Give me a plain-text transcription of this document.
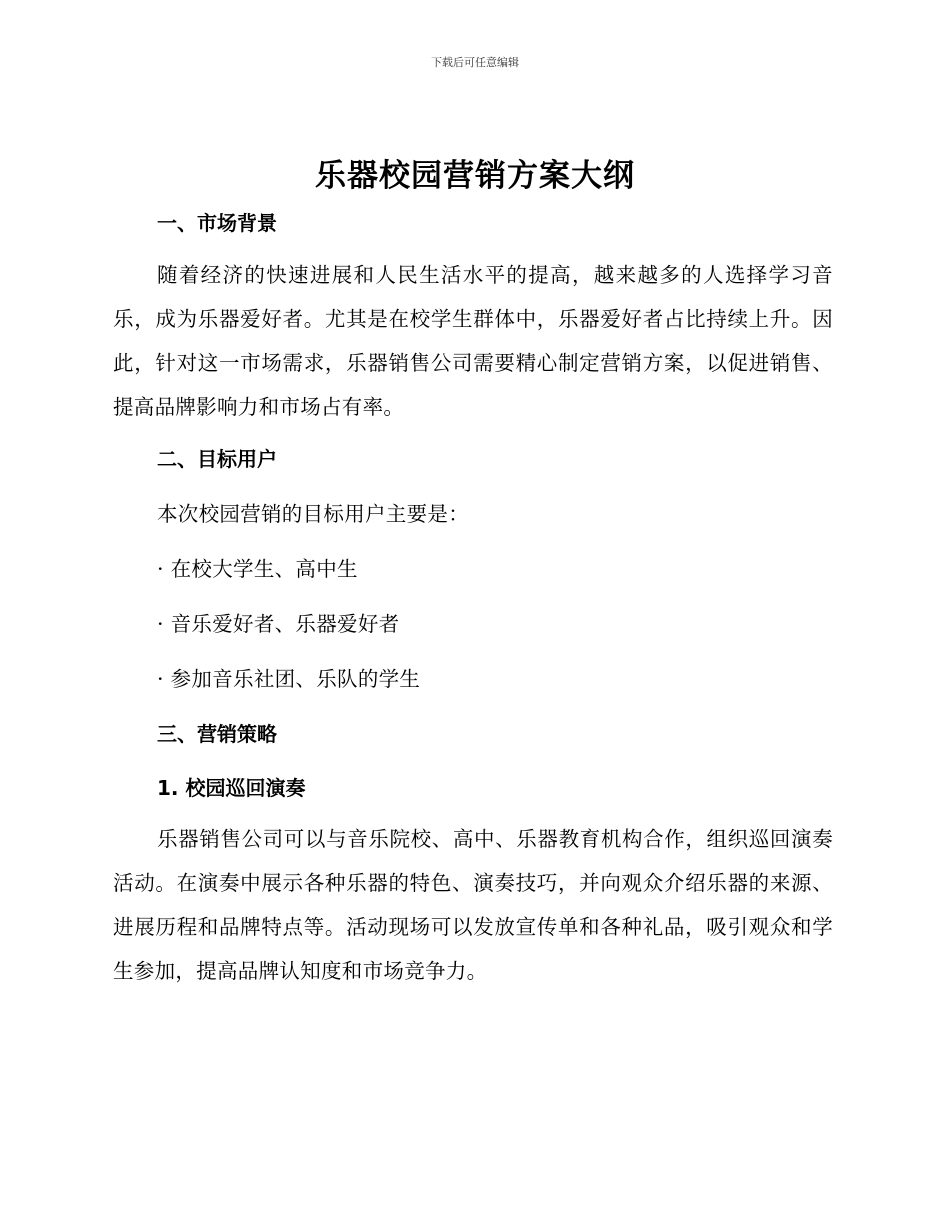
下载后可任意编辑
乐器校园营销方案大纲
一、市场背景
随着经济的快速进展和人民生活水平的提高，越来越多的人选择学习音乐，成为乐器爱好者。尤其是在校学生群体中，乐器爱好者占比持续上升。因此，针对这一市场需求，乐器销售公司需要精心制定营销方案，以促进销售、提高品牌影响力和市场占有率。
二、目标用户
本次校园营销的目标用户主要是：
· 在校大学生、高中生
· 音乐爱好者、乐器爱好者
· 参加音乐社团、乐队的学生
三、营销策略
1. 校园巡回演奏
乐器销售公司可以与音乐院校、高中、乐器教育机构合作，组织巡回演奏活动。在演奏中展示各种乐器的特色、演奏技巧，并向观众介绍乐器的来源、进展历程和品牌特点等。活动现场可以发放宣传单和各种礼品，吸引观众和学生参加，提高品牌认知度和市场竞争力。
